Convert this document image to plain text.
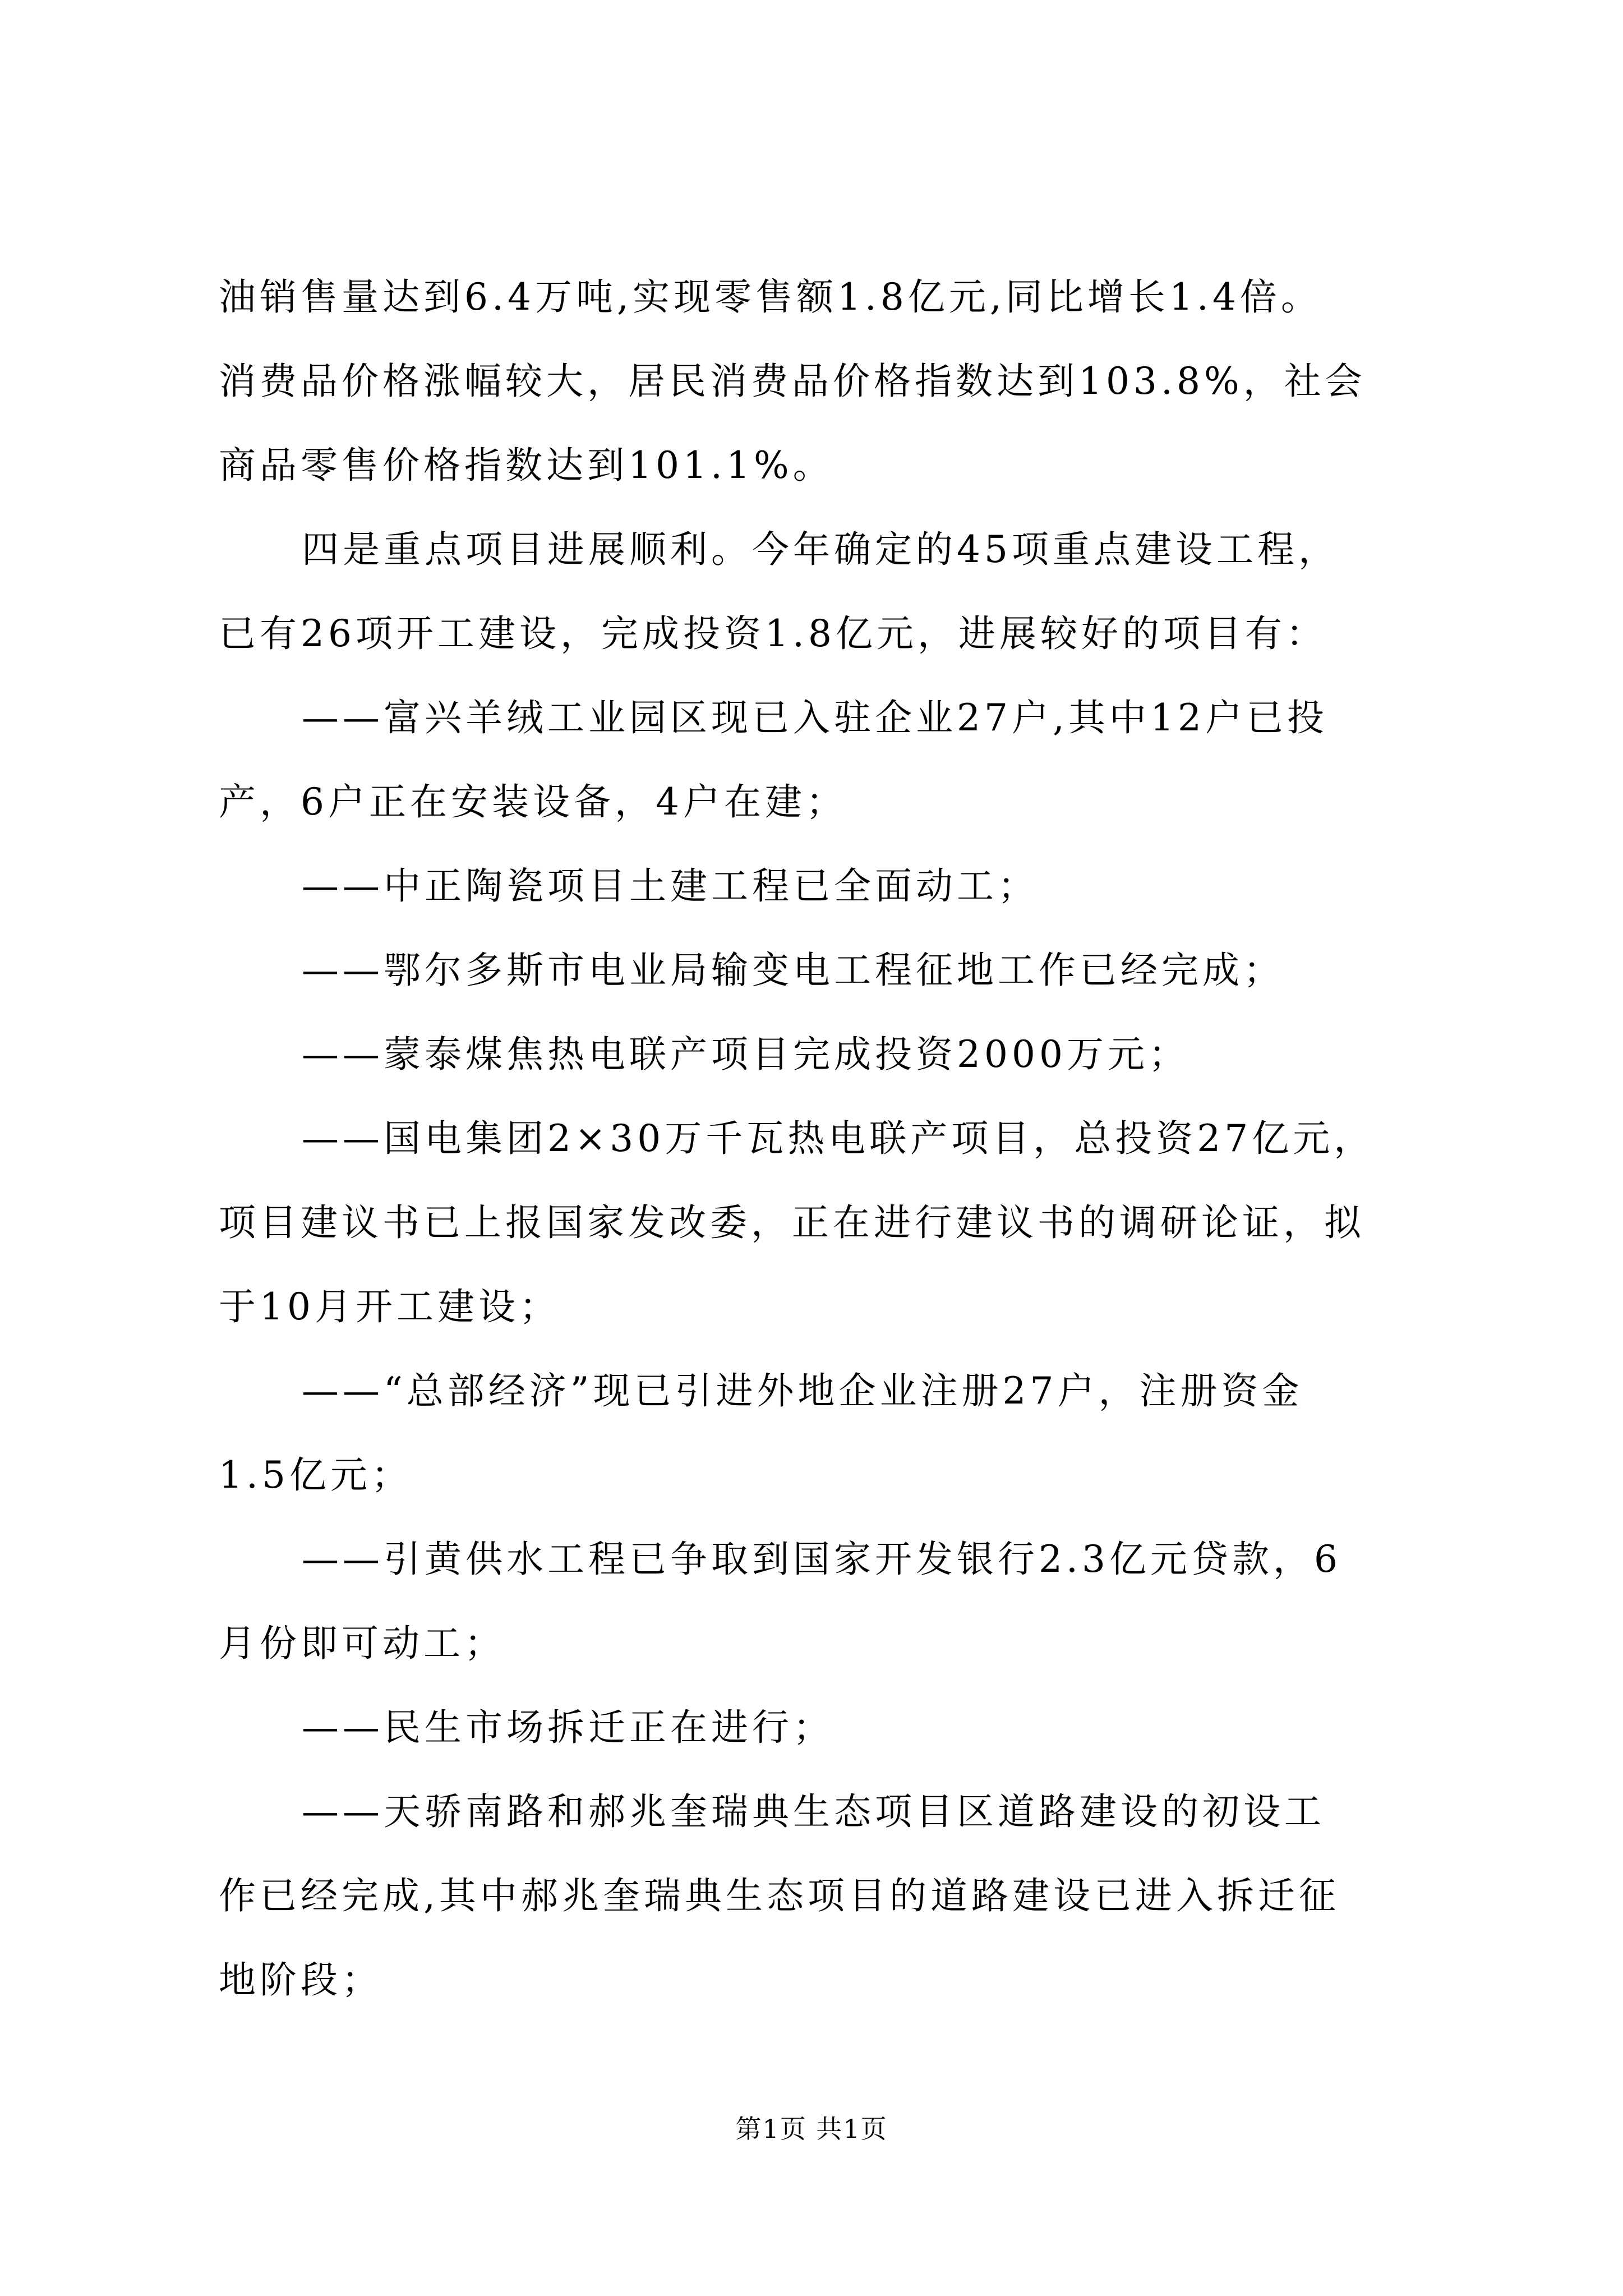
油销售量达到6.4万吨,实现零售额1.8亿元,同比增长1.4倍。
消费品价格涨幅较大，居民消费品价格指数达到103.8%，社会
商品零售价格指数达到101.1%。
四是重点项目进展顺利。今年确定的45项重点建设工程，
已有26项开工建设，完成投资1.8亿元，进展较好的项目有：
——富兴羊绒工业园区现已入驻企业27户,其中12户已投
产，6户正在安装设备，4户在建；
——中正陶瓷项目土建工程已全面动工；
——鄂尔多斯市电业局输变电工程征地工作已经完成；
——蒙泰煤焦热电联产项目完成投资2000万元；
——国电集团2×30万千瓦热电联产项目，总投资27亿元，
项目建议书已上报国家发改委，正在进行建议书的调研论证，拟
于10月开工建设；
——“总部经济”现已引进外地企业注册27户，注册资金
1.5亿元；
——引黄供水工程已争取到国家开发银行2.3亿元贷款，6
月份即可动工；
——民生市场拆迁正在进行；
——天骄南路和郝兆奎瑞典生态项目区道路建设的初设工
作已经完成,其中郝兆奎瑞典生态项目的道路建设已进入拆迁征
地阶段；
第1页 共1页
